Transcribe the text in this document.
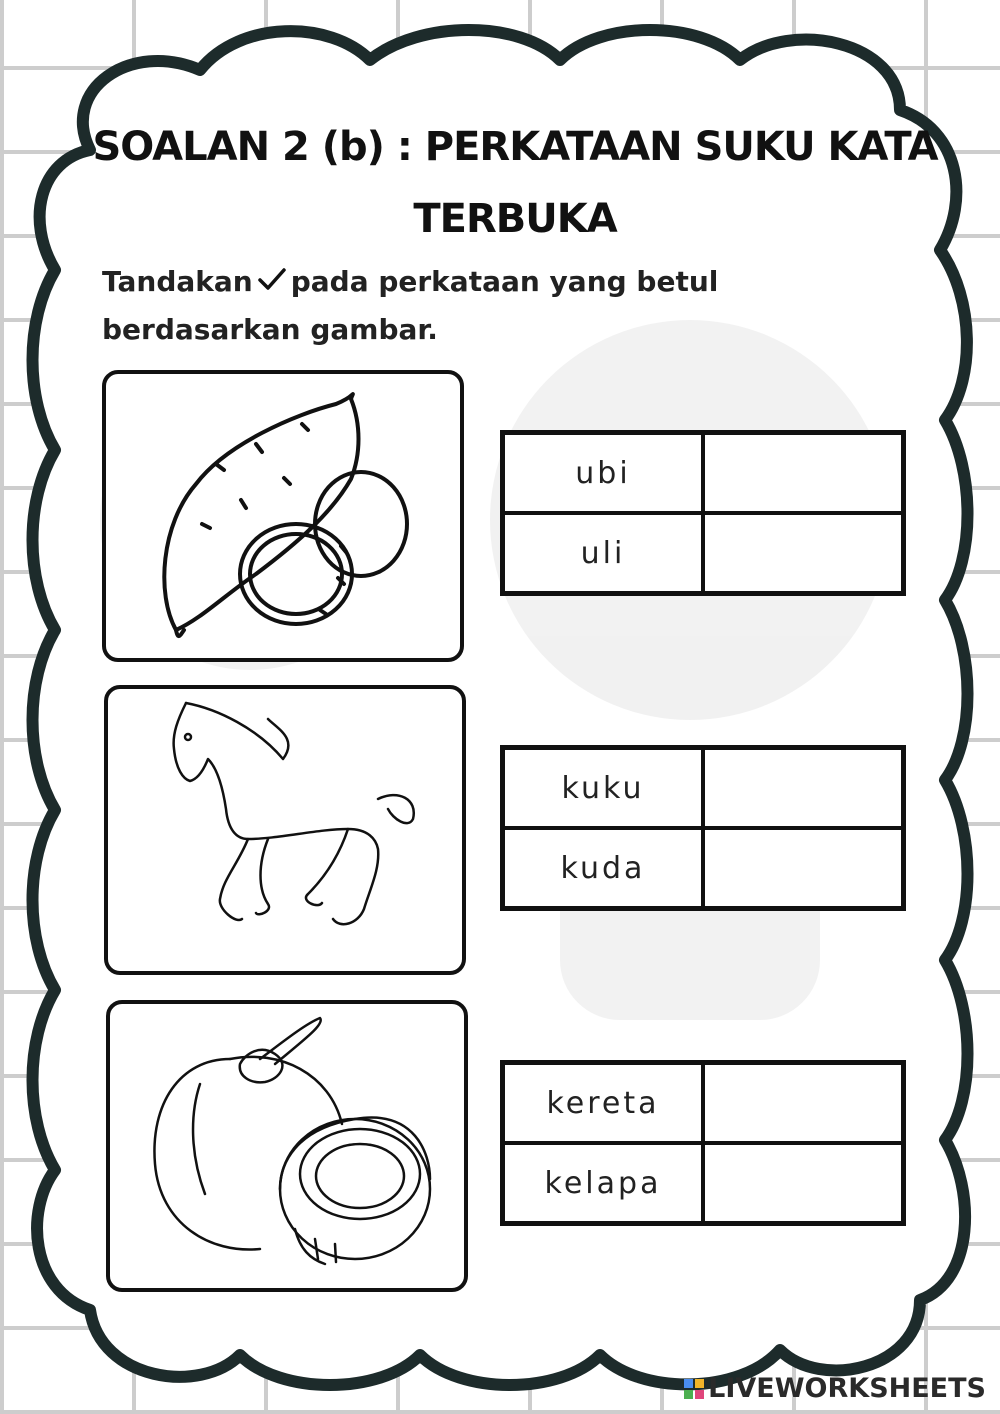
SOALAN 2 (b) : PERKATAAN SUKU KATA
TERBUKA
Tandakan pada perkataan yang betul
berdasarkan gambar.
ubi	
uli	
kuku	
kuda	
kereta	
kelapa	
LIVEWORKSHEETS
